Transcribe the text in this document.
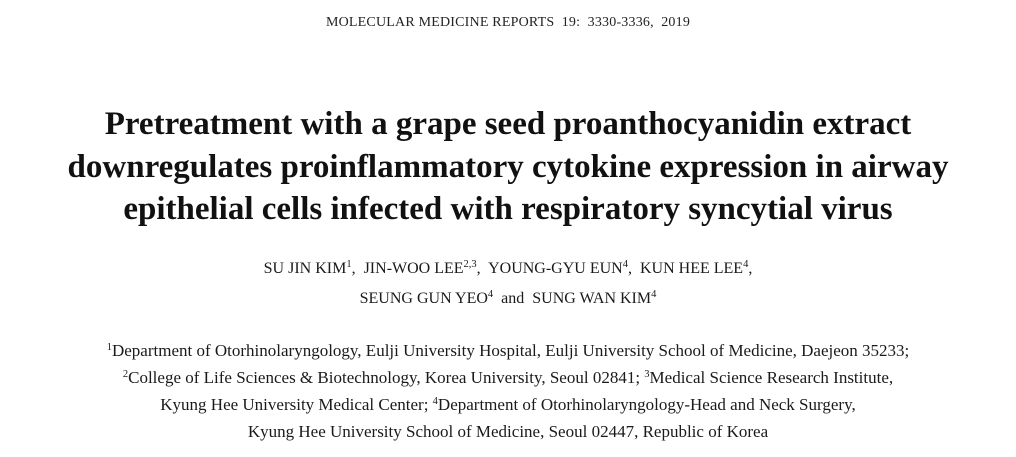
MOLECULAR MEDICINE REPORTS 19: 3330-3336, 2019
Pretreatment with a grape seed proanthocyanidin extract
downregulates proinflammatory cytokine expression in airway
epithelial cells infected with respiratory syncytial virus
SU JIN KIM$^1$,  JIN-WOO LEE$^{2,3}$,  YOUNG-GYU EUN$^4$,  KUN HEE LEE$^4$,
SEUNG GUN YEO$^4$ and SUNG WAN KIM$^4$
$^1$Department of Otorhinolaryngology, Eulji University Hospital, Eulji University School of Medicine, Daejeon 35233;
$^2$College of Life Sciences & Biotechnology, Korea University, Seoul 02841; $^3$Medical Science Research Institute,
Kyung Hee University Medical Center; $^4$Department of Otorhinolaryngology-Head and Neck Surgery,
Kyung Hee University School of Medicine, Seoul 02447, Republic of Korea
